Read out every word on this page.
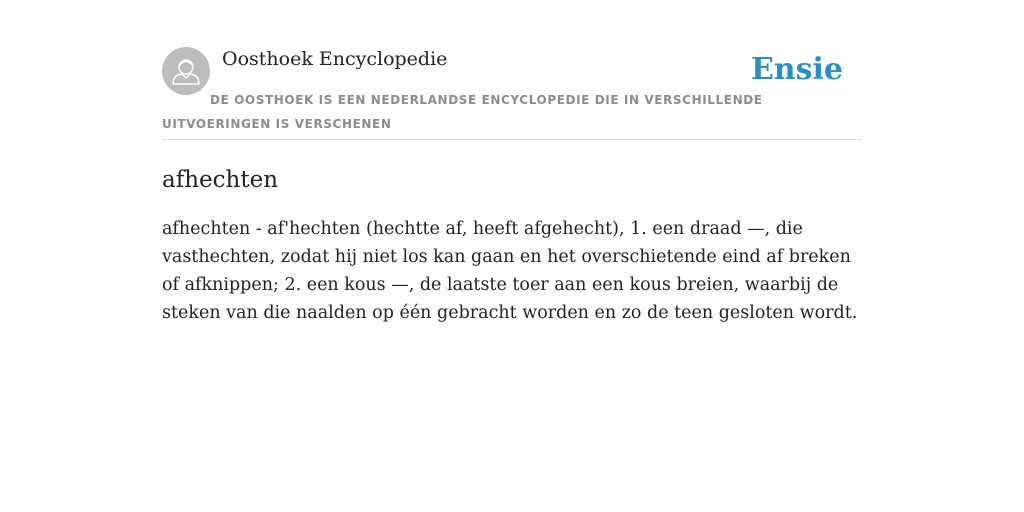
Oosthoek Encyclopedie	Ensie

DE OOSTHOEK IS EEN NEDERLANDSE ENCYCLOPEDIE DIE IN VERSCHILLENDE UITVOERINGEN IS VERSCHENEN

afhechten

afhechten - af'hechten (hechtte af, heeft afgehecht), 1. een draad —, die vasthechten, zodat hij niet los kan gaan en het overschietende eind af breken of afknippen; 2. een kous —, de laatste toer aan een kous breien, waarbij de steken van die naalden op één gebracht worden en zo de teen gesloten wordt.
